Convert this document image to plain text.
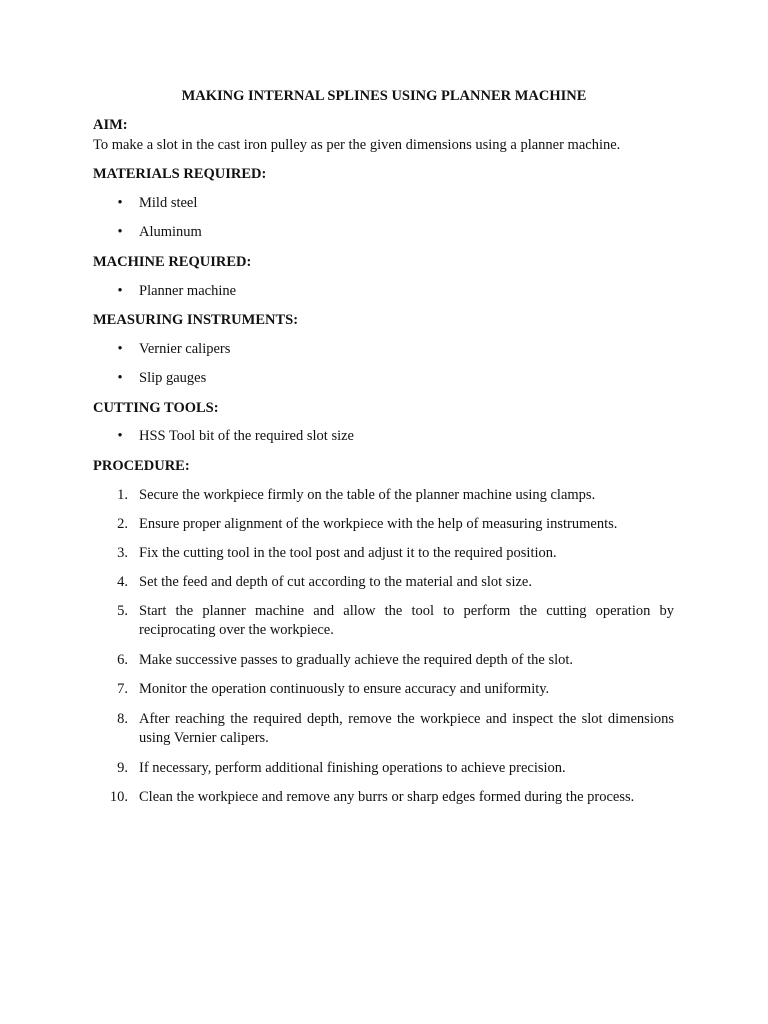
MAKING INTERNAL SPLINES USING PLANNER MACHINE
AIM:

To make a slot in the cast iron pulley as per the given dimensions using a planner machine.

MATERIALS REQUIRED:
• Mild steel
• Aluminum
MACHINE REQUIRED:
• Planner machine
MEASURING INSTRUMENTS:
• Vernier calipers
• Slip gauges
CUTTING TOOLS:
• HSS Tool bit of the required slot size
PROCEDURE:
1. Secure the workpiece firmly on the table of the planner machine using clamps.
2. Ensure proper alignment of the workpiece with the help of measuring instruments.
3. Fix the cutting tool in the tool post and adjust it to the required position.
4. Set the feed and depth of cut according to the material and slot size.
5. Start the planner machine and allow the tool to perform the cutting operation by reciprocating over the workpiece.
6. Make successive passes to gradually achieve the required depth of the slot.
7. Monitor the operation continuously to ensure accuracy and uniformity.
8. After reaching the required depth, remove the workpiece and inspect the slot dimensions using Vernier calipers.
9. If necessary, perform additional finishing operations to achieve precision.
10. Clean the workpiece and remove any burrs or sharp edges formed during the process.
